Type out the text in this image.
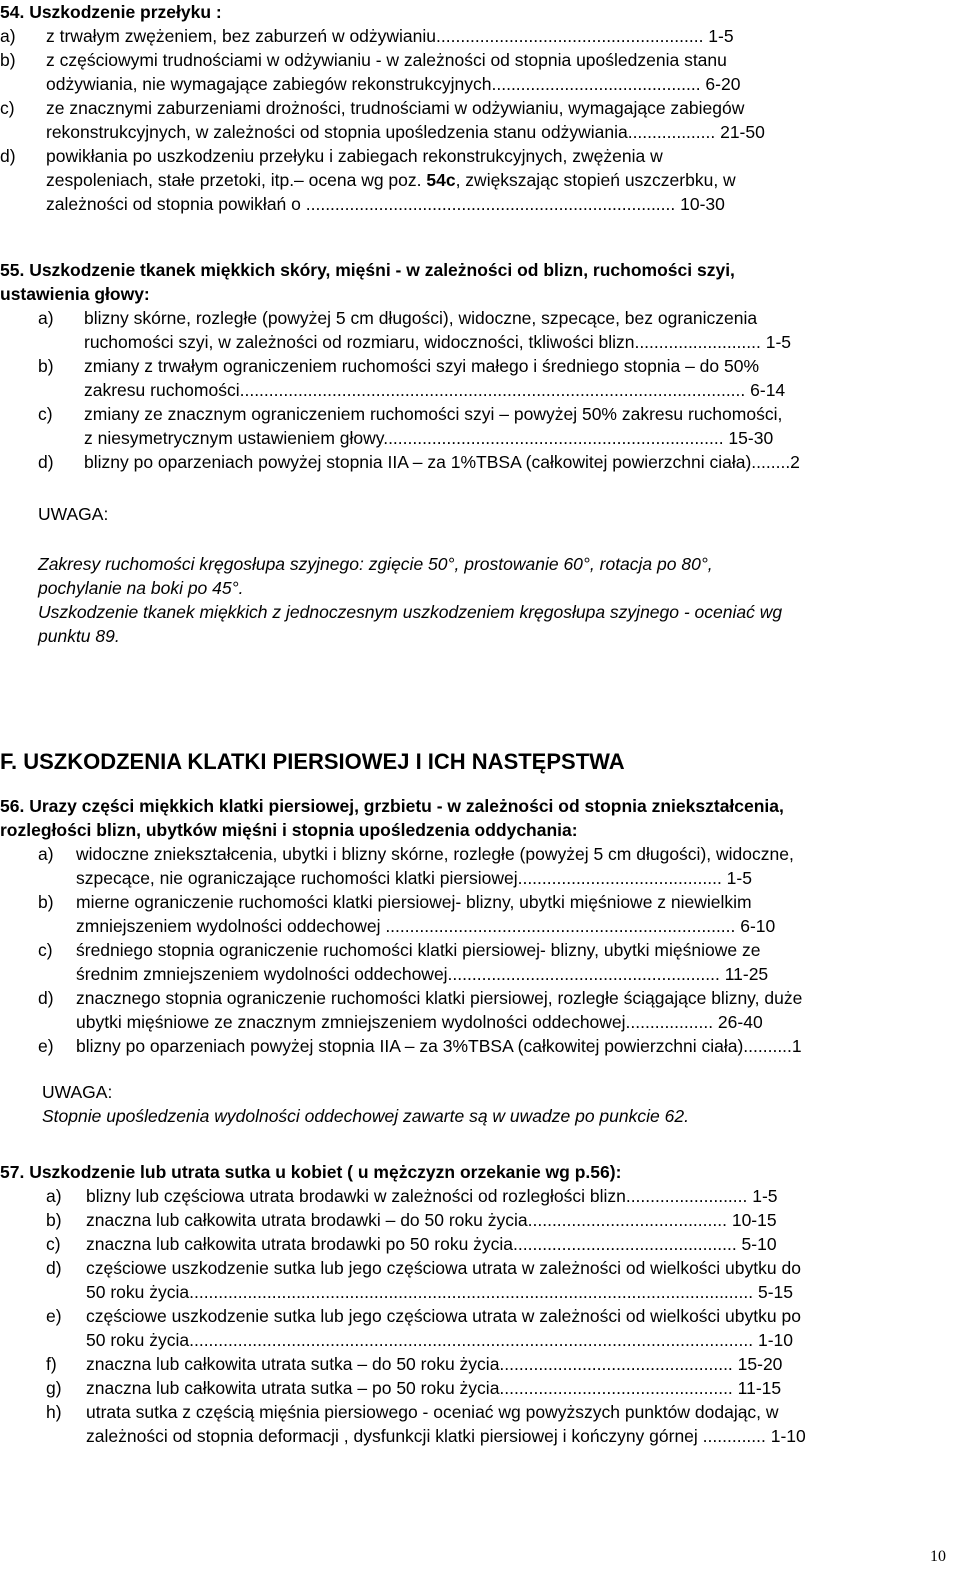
54. Uszkodzenie przełyku :

a)	z trwałym zwężeniem, bez zaburzeń w odżywianiu....................................................... 1-5
b)	z częściowymi trudnościami w odżywianiu - w zależności od stopnia upośledzenia stanu
odżywiania, nie wymagające zabiegów rekonstrukcyjnych........................................... 6-20
c)	ze znacznymi zaburzeniami drożności, trudnościami w odżywianiu, wymagające zabiegów
rekonstrukcyjnych, w zależności od stopnia upośledzenia stanu odżywiania.................. 21-50
d)	powikłania po uszkodzeniu przełyku i zabiegach rekonstrukcyjnych, zwężenia w
zespoleniach, stałe przetoki, itp.– ocena wg poz. 54c, zwiększając stopień uszczerbku, w
zależności od stopnia powikłań o ............................................................................ 10-30

55. Uszkodzenie tkanek miękkich skóry, mięśni - w zależności od blizn, ruchomości szyi,

ustawienia głowy:

a)	blizny skórne, rozległe (powyżej 5 cm długości), widoczne, szpecące, bez ograniczenia
ruchomości szyi, w zależności od rozmiaru, widoczności, tkliwości blizn.......................... 1-5
b)	zmiany z trwałym ograniczeniem ruchomości szyi małego i średniego stopnia – do 50%
zakresu ruchomości........................................................................................................ 6-14
c)	zmiany ze znacznym ograniczeniem ruchomości szyi – powyżej 50% zakresu ruchomości,
z niesymetrycznym ustawieniem głowy...................................................................... 15-30
d)	blizny po oparzeniach powyżej stopnia IIA – za 1%TBSA (całkowitej powierzchni ciała)........2
UWAGA:
Zakresy ruchomości kręgosłupa szyjnego: zgięcie 50°, prostowanie 60°, rotacja po 80°,
pochylanie na boki po 45°.
Uszkodzenie tkanek miękkich z jednoczesnym uszkodzeniem kręgosłupa szyjnego - oceniać wg
punktu 89.
F. USZKODZENIA KLATKI PIERSIOWEJ I ICH NASTĘPSTWA

56. Urazy części miękkich klatki piersiowej, grzbietu - w zależności od stopnia zniekształcenia,

rozległości blizn, ubytków mięśni i stopnia upośledzenia oddychania:

a)	widoczne zniekształcenia, ubytki i blizny skórne, rozległe (powyżej 5 cm długości), widoczne,
szpecące, nie ograniczające ruchomości klatki piersiowej.......................................... 1-5
b)	mierne ograniczenie ruchomości klatki piersiowej- blizny, ubytki mięśniowe z niewielkim
zmniejszeniem wydolności oddechowej ........................................................................ 6-10
c)	średniego stopnia ograniczenie ruchomości klatki piersiowej- blizny, ubytki mięśniowe ze
średnim zmniejszeniem wydolności oddechowej........................................................ 11-25
d)	znacznego stopnia ograniczenie ruchomości klatki piersiowej, rozległe ściągające blizny, duże
ubytki mięśniowe ze znacznym zmniejszeniem wydolności oddechowej.................. 26-40
e)	blizny po oparzeniach powyżej stopnia IIA – za 3%TBSA (całkowitej powierzchni ciała)..........1
UWAGA:
Stopnie upośledzenia wydolności oddechowej zawarte są w uwadze po punkcie 62.

57. Uszkodzenie lub utrata sutka u kobiet ( u mężczyzn orzekanie wg p.56):

a)	blizny lub częściowa utrata brodawki w zależności od rozległości blizn......................... 1-5
b)	znaczna lub całkowita utrata brodawki – do 50 roku życia......................................... 10-15
c)	znaczna lub całkowita utrata brodawki po 50 roku życia.............................................. 5-10
d)	częściowe uszkodzenie sutka lub jego częściowa utrata w zależności od wielkości ubytku do
50 roku życia.................................................................................................................... 5-15
e)	częściowe uszkodzenie sutka lub jego częściowa utrata w zależności od wielkości ubytku po
50 roku życia.................................................................................................................... 1-10
f)	znaczna lub całkowita utrata sutka – do 50 roku życia................................................ 15-20
g)	znaczna lub całkowita utrata sutka – po 50 roku życia................................................ 11-15
h)	utrata sutka z częścią mięśnia piersiowego - oceniać wg powyższych punktów dodając, w
zależności od stopnia deformacji , dysfunkcji klatki piersiowej i kończyny górnej ............. 1-10
10
